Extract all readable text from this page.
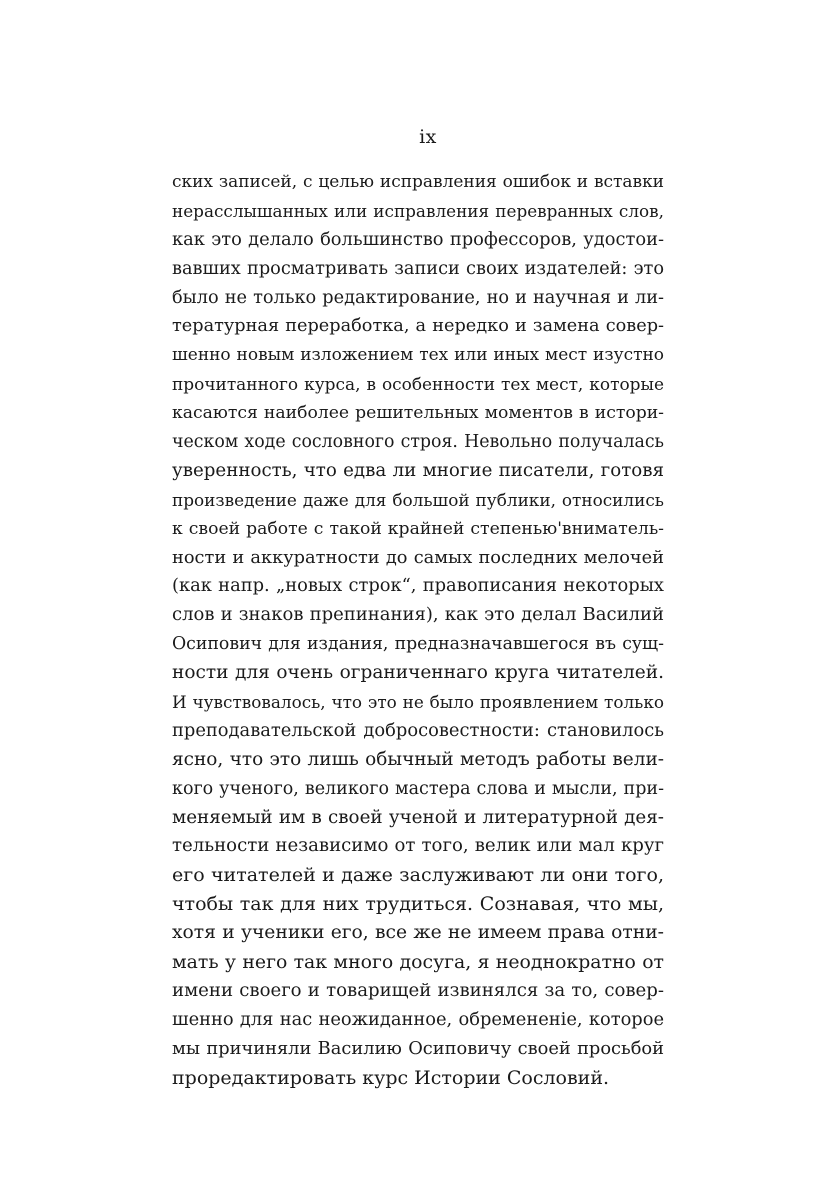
ix
ских записей, с целью исправления ошибок и вставки
нерасслышанных или исправления перевранных слов,
как это делало большинство профессоров, удостои-
вавших просматривать записи своих издателей: это
было не только редактирование, но и научная и ли-
тературная переработка, а нередко и замена совер-
шенно новым изложением тех или иных мест изустно
прочитанного курса, в особенности тех мест, которые
касаются наиболее решительных моментов в истори-
ческом ходе сословного строя. Невольно получалась
уверенность, что едва ли многие писатели, готовя
произведение даже для большой публики, относились
к своей работе с такой крайней степенью'вниматель-
ности и аккуратности до самых последних мелочей
(как напр. „новых строк“, правописания некоторых
слов и знаков препинания), как это делал Василий
Осипович для издания, предназначавшегося въ сущ-
ности для очень ограниченнаго круга читателей.
И чувствовалось, что это не было проявлением только
преподавательской добросовестности: становилось
ясно, что это лишь обычный методъ работы вели-
кого ученого, великого мастера слова и мысли, при-
меняемый им в своей ученой и литературной дея-
тельности независимо от того, велик или мал круг
его читателей и даже заслуживают ли они того,
чтобы так для них трудиться. Сознавая, что мы,
хотя и ученики его, все же не имеем права отни-
мать у него так много досуга, я неоднократно от
имени своего и товарищей извинялся за то, совер-
шенно для нас неожиданное, обремененіе, которое
мы причиняли Василию Осиповичу своей просьбой
проредактировать курс Истории Сословий.
